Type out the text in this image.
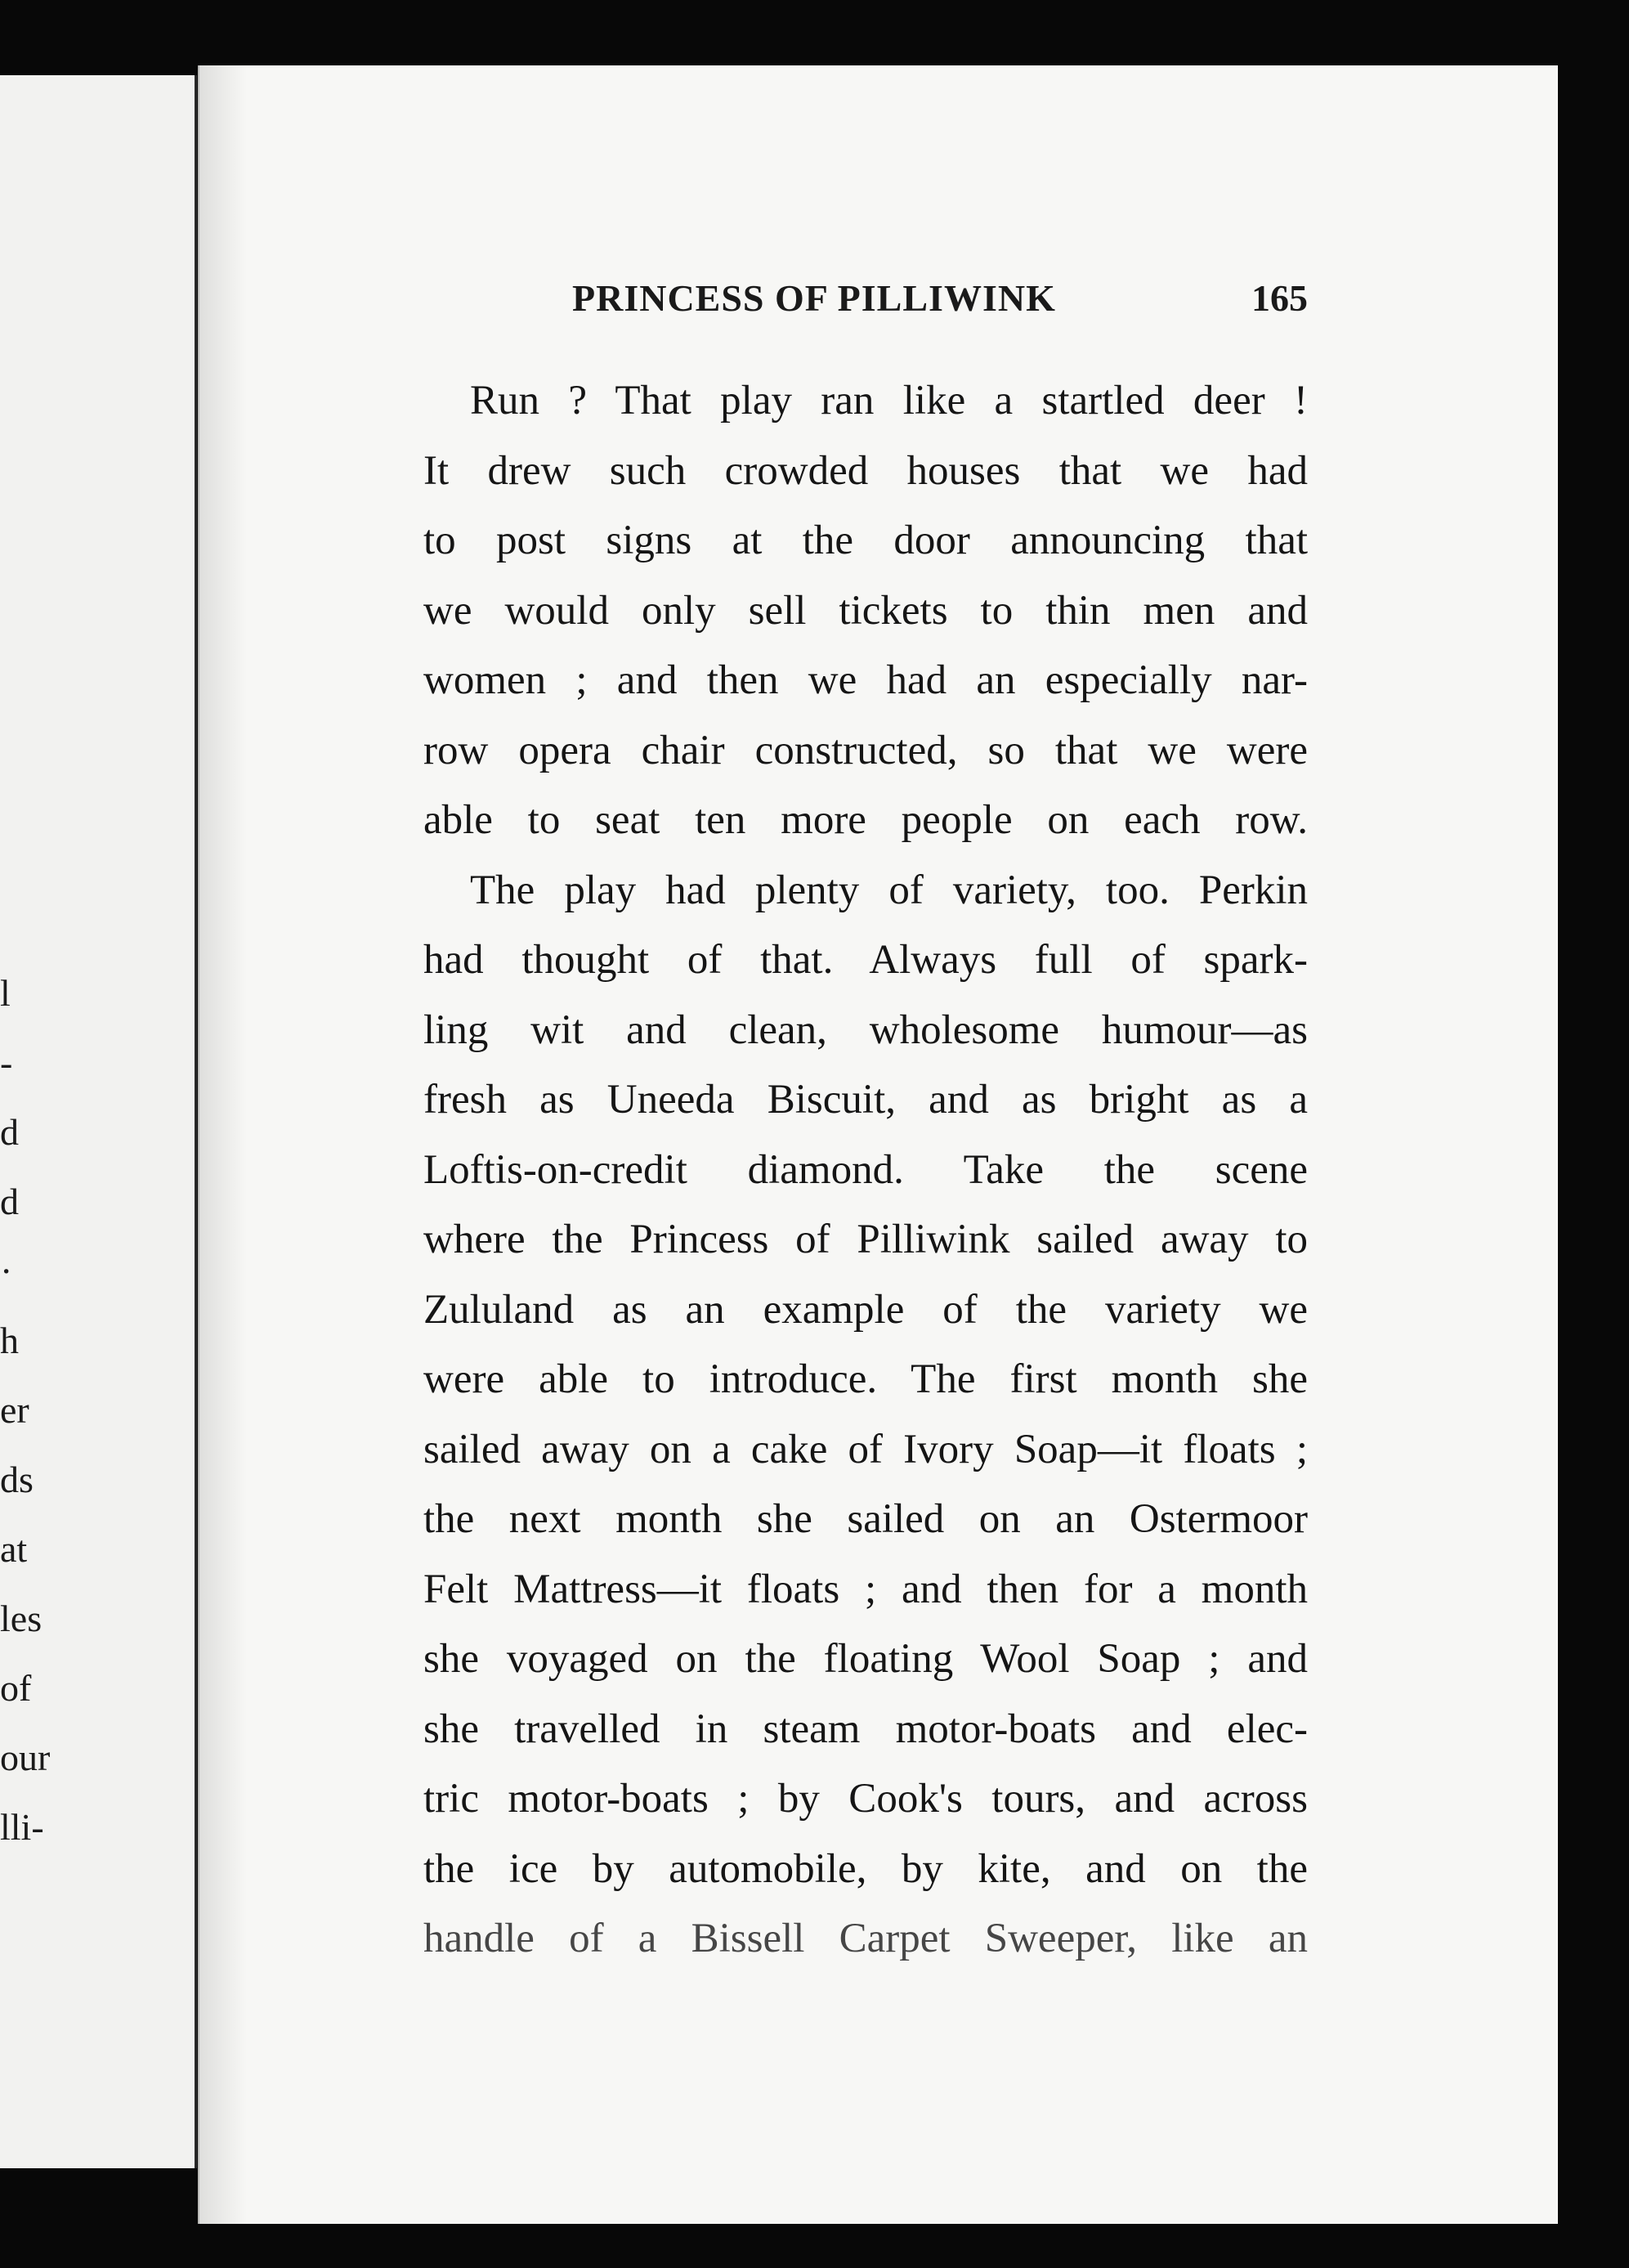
l
-
d
d
·
h
er
ds
at
les
of
our
lli-
PRINCESS OF PILLIWINK	165
Run ? That play ran like a startled deer !
It drew such crowded houses that we had
to post signs at the door announcing that
we would only sell tickets to thin men and
women ; and then we had an especially nar-
row opera chair constructed, so that we were
able to seat ten more people on each row.
The play had plenty of variety, too. Perkin
had thought of that. Always full of spark-
ling wit and clean, wholesome humour—as
fresh as Uneeda Biscuit, and as bright as a
Loftis-on-credit diamond. Take the scene
where the Princess of Pilliwink sailed away to
Zululand as an example of the variety we
were able to introduce. The first month she
sailed away on a cake of Ivory Soap—it floats ;
the next month she sailed on an Ostermoor
Felt Mattress—it floats ; and then for a month
she voyaged on the floating Wool Soap ; and
she travelled in steam motor-boats and elec-
tric motor-boats ; by Cook's tours, and across
the ice by automobile, by kite, and on the
handle of a Bissell Carpet Sweeper, like an
